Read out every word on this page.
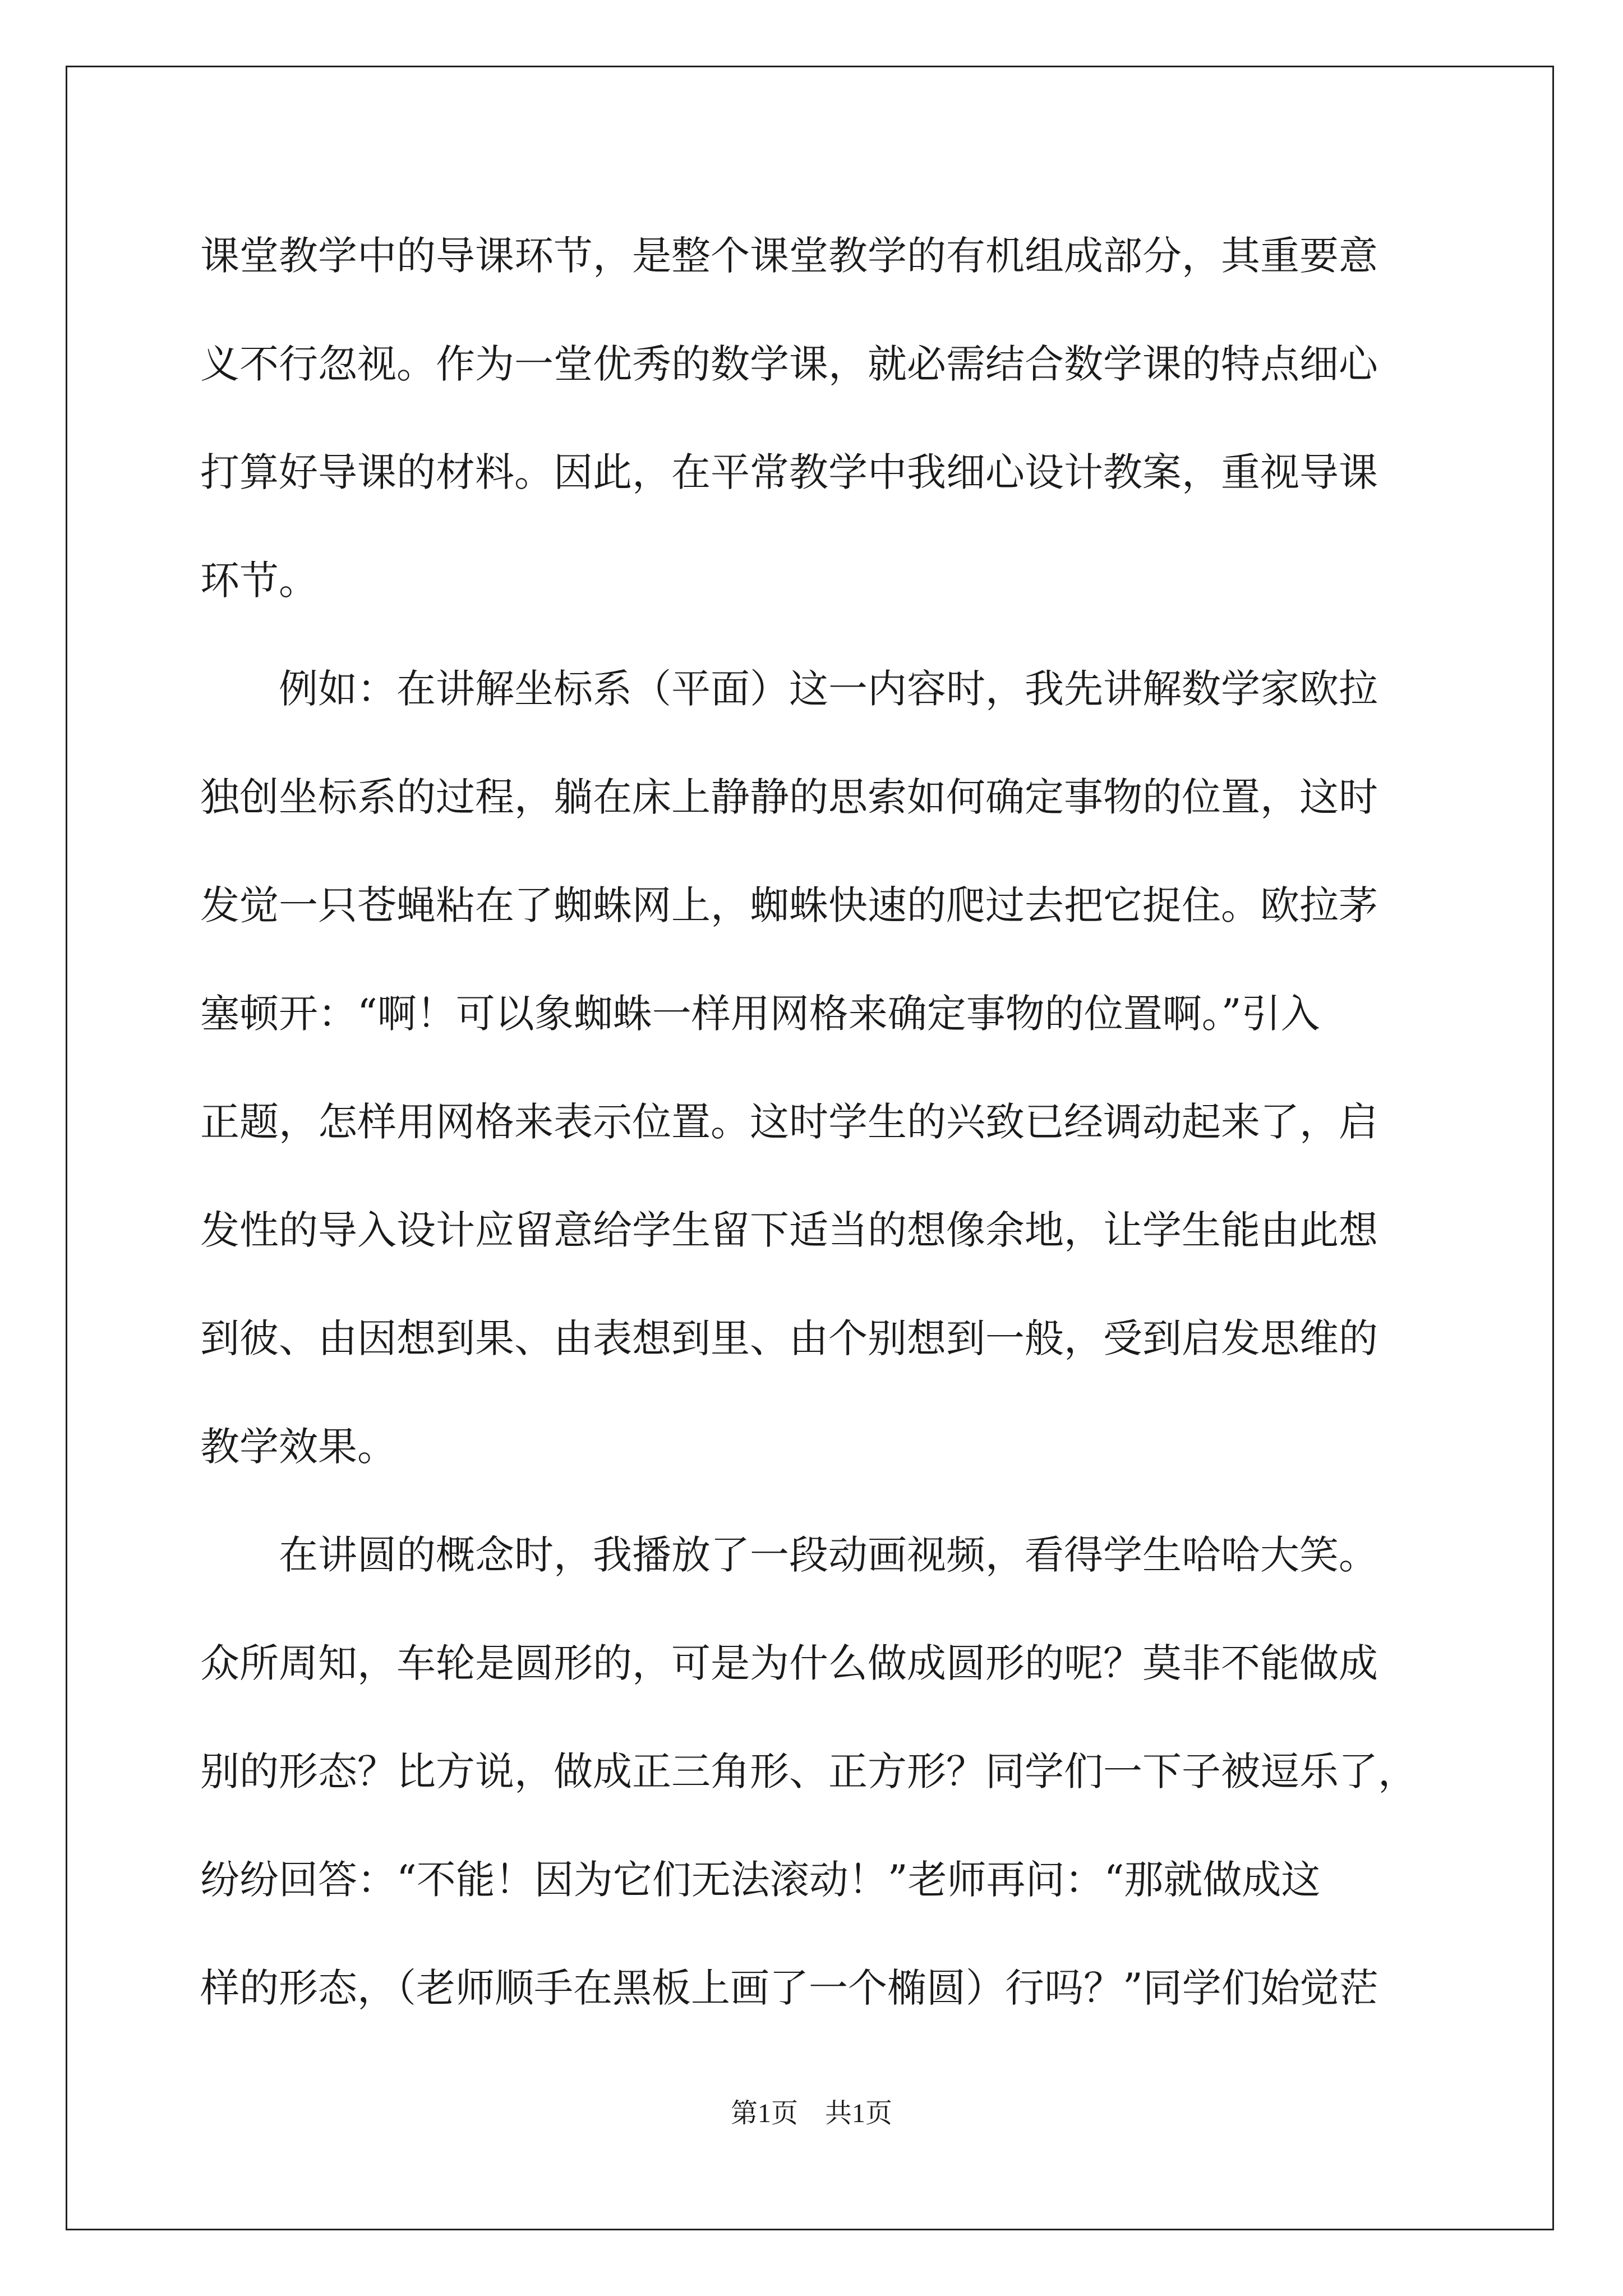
课堂教学中的导课环节，是整个课堂教学的有机组成部分，其重要意
义不行忽视。作为一堂优秀的数学课，就必需结合数学课的特点细心
打算好导课的材料。因此，在平常教学中我细心设计教案，重视导课
环节。
例如：在讲解坐标系（平面）这一内容时，我先讲解数学家欧拉
独创坐标系的过程，躺在床上静静的思索如何确定事物的位置，这时
发觉一只苍蝇粘在了蜘蛛网上，蜘蛛快速的爬过去把它捉住。欧拉茅
塞顿开：“啊！可以象蜘蛛一样用网格来确定事物的位置啊。”引入
正题，怎样用网格来表示位置。这时学生的兴致已经调动起来了，启
发性的导入设计应留意给学生留下适当的想像余地，让学生能由此想
到彼、由因想到果、由表想到里、由个别想到一般，受到启发思维的
教学效果。
在讲圆的概念时，我播放了一段动画视频，看得学生哈哈大笑。
众所周知，车轮是圆形的，可是为什么做成圆形的呢？莫非不能做成
别的形态？比方说，做成正三角形、正方形？同学们一下子被逗乐了，
纷纷回答：“不能！因为它们无法滚动！”老师再问：“那就做成这
样的形态，（老师顺手在黑板上画了一个椭圆）行吗？”同学们始觉茫
第1页　共1页
